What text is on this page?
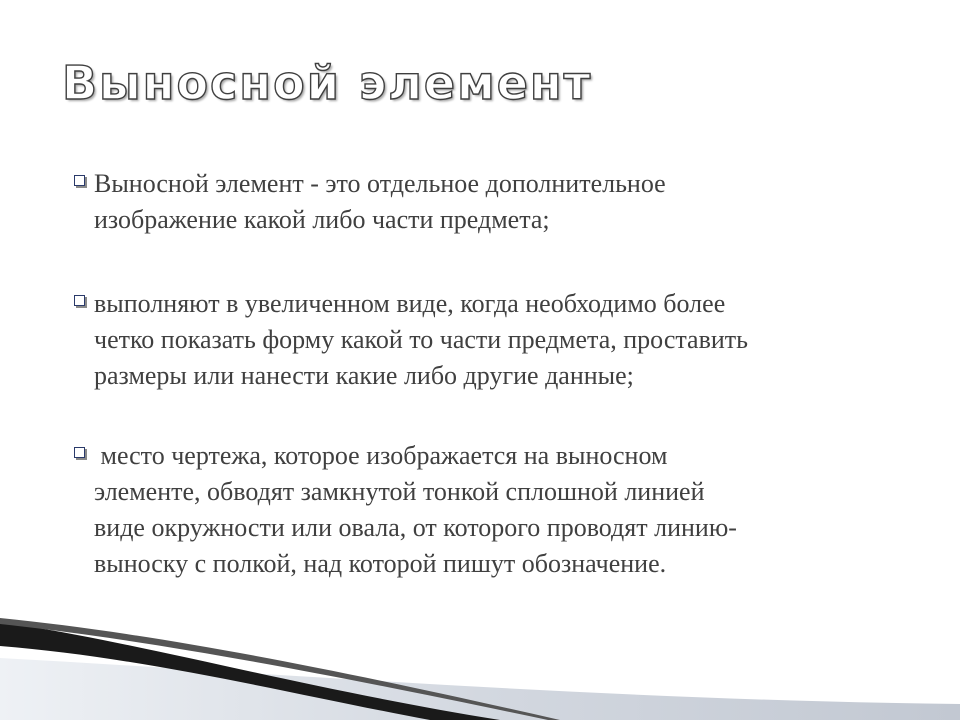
Выносной элемент
Выносной элемент - это отдельное дополнительное
изображение какой либо части предмета;
выполняют в увеличенном виде, когда необходимо более
четко показать форму какой то части предмета, проставить
размеры или нанести какие либо другие данные;
место чертежа, которое изображается на выносном
элементе, обводят замкнутой тонкой сплошной линией
виде окружности или овала, от которого проводят линию-
выноску с полкой, над которой пишут обозначение.
